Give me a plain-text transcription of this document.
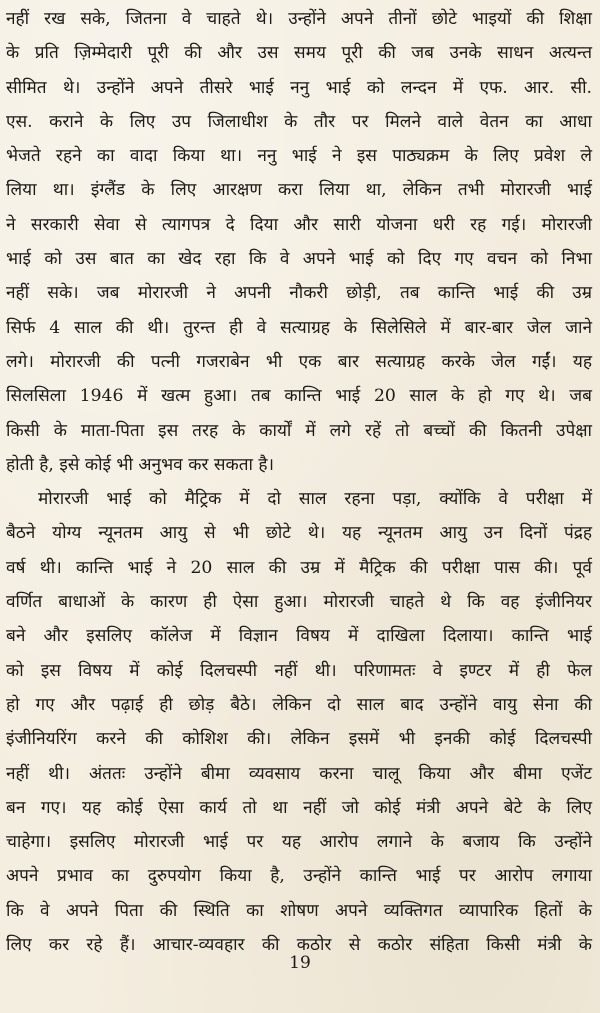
नहीं रख सके, जितना वे चाहते थे। उन्होंने अपने तीनों छोटे भाइयों की शिक्षा
के प्रति ज़िम्मेदारी पूरी की और उस समय पूरी की जब उनके साधन अत्यन्त
सीमित थे। उन्होंने अपने तीसरे भाई ननु भाई को लन्दन में एफ. आर. सी.
एस. कराने के लिए उप जिलाधीश के तौर पर मिलने वाले वेतन का आधा
भेजते रहने का वादा किया था। ननु भाई ने इस पाठ्यक्रम के लिए प्रवेश ले
लिया था। इंग्लैंड के लिए आरक्षण करा लिया था, लेकिन तभी मोरारजी भाई
ने सरकारी सेवा से त्यागपत्र दे दिया और सारी योजना धरी रह गई। मोरारजी
भाई को उस बात का खेद रहा कि वे अपने भाई को दिए गए वचन को निभा
नहीं सके। जब मोरारजी ने अपनी नौकरी छोड़ी, तब कान्ति भाई की उम्र
सिर्फ 4 साल की थी। तुरन्त ही वे सत्याग्रह के सिलेसिले में बार-बार जेल जाने
लगे। मोरारजी की पत्नी गजराबेन भी एक बार सत्याग्रह करके जेल गईं। यह
सिलसिला 1946 में खत्म हुआ। तब कान्ति भाई 20 साल के हो गए थे। जब
किसी के माता-पिता इस तरह के कार्यों में लगे रहें तो बच्चों की कितनी उपेक्षा
होती है, इसे कोई भी अनुभव कर सकता है।
मोरारजी भाई को मैट्रिक में दो साल रहना पड़ा, क्योंकि वे परीक्षा में
बैठने योग्य न्यूनतम आयु से भी छोटे थे। यह न्यूनतम आयु उन दिनों पंद्रह
वर्ष थी। कान्ति भाई ने 20 साल की उम्र में मैट्रिक की परीक्षा पास की। पूर्व
वर्णित बाधाओं के कारण ही ऐसा हुआ। मोरारजी चाहते थे कि वह इंजीनियर
बने और इसलिए कॉलेज में विज्ञान विषय में दाखिला दिलाया। कान्ति भाई
को इस विषय में कोई दिलचस्पी नहीं थी। परिणामतः वे इण्टर में ही फेल
हो गए और पढ़ाई ही छोड़ बैठे। लेकिन दो साल बाद उन्होंने वायु सेना की
इंजीनियरिंग करने की कोशिश की। लेकिन इसमें भी इनकी कोई दिलचस्पी
नहीं थी। अंततः उन्होंने बीमा व्यवसाय करना चालू किया और बीमा एजेंट
बन गए। यह कोई ऐसा कार्य तो था नहीं जो कोई मंत्री अपने बेटे के लिए
चाहेगा। इसलिए मोरारजी भाई पर यह आरोप लगाने के बजाय कि उन्होंने
अपने प्रभाव का दुरुपयोग किया है, उन्होंने कान्ति भाई पर आरोप लगाया
कि वे अपने पिता की स्थिति का शोषण अपने व्यक्तिगत व्यापारिक हितों के
लिए कर रहे हैं। आचार-व्यवहार की कठोर से कठोर संहिता किसी मंत्री के
19
